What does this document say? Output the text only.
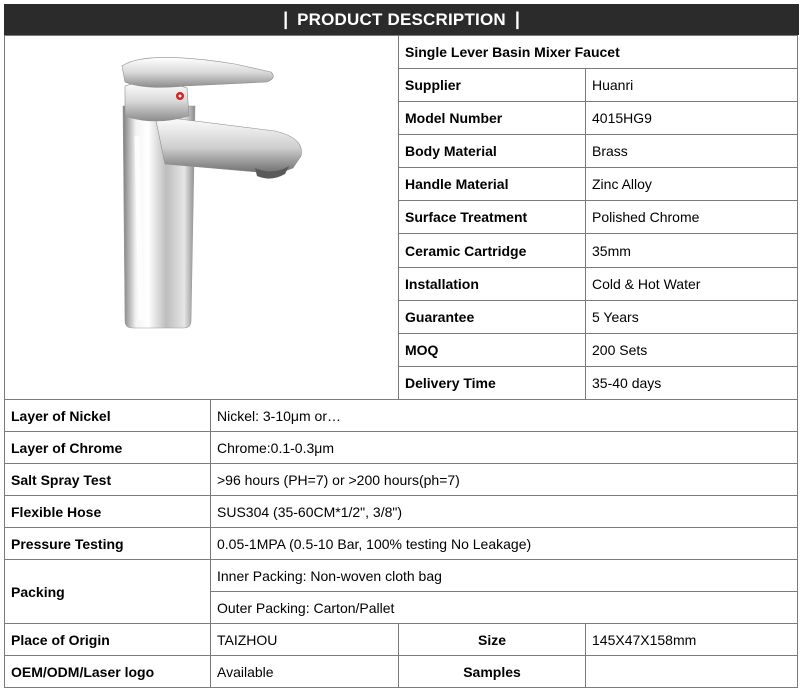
| PRODUCT DESCRIPTION |
	Single Lever Basin Mixer Faucet	
		Supplier	Huanri
		Model Number	4015HG9
		Body Material	Brass
		Handle Material	Zinc Alloy
		Surface Treatment	Polished Chrome
		Ceramic Cartridge	35mm
		Installation	Cold & Hot Water
		Guarantee	5 Years
		MOQ	200 Sets
		Delivery Time	35-40 days
Layer of Nickel	Nickel: 3-10μm or…		
Layer of Chrome	Chrome:0.1-0.3μm		
Salt Spray Test	>96 hours (PH=7) or >200 hours(ph=7)		
Flexible Hose	SUS304 (35-60CM*1/2", 3/8")		
Pressure Testing	0.05-1MPA (0.5-10 Bar, 100% testing No Leakage)		
Packing	Inner Packing: Non-woven cloth bag		
	Outer Packing: Carton/Pallet		
Place of Origin	TAIZHOU	Size	145X47X158mm
OEM/ODM/Laser logo	Available	Samples	
